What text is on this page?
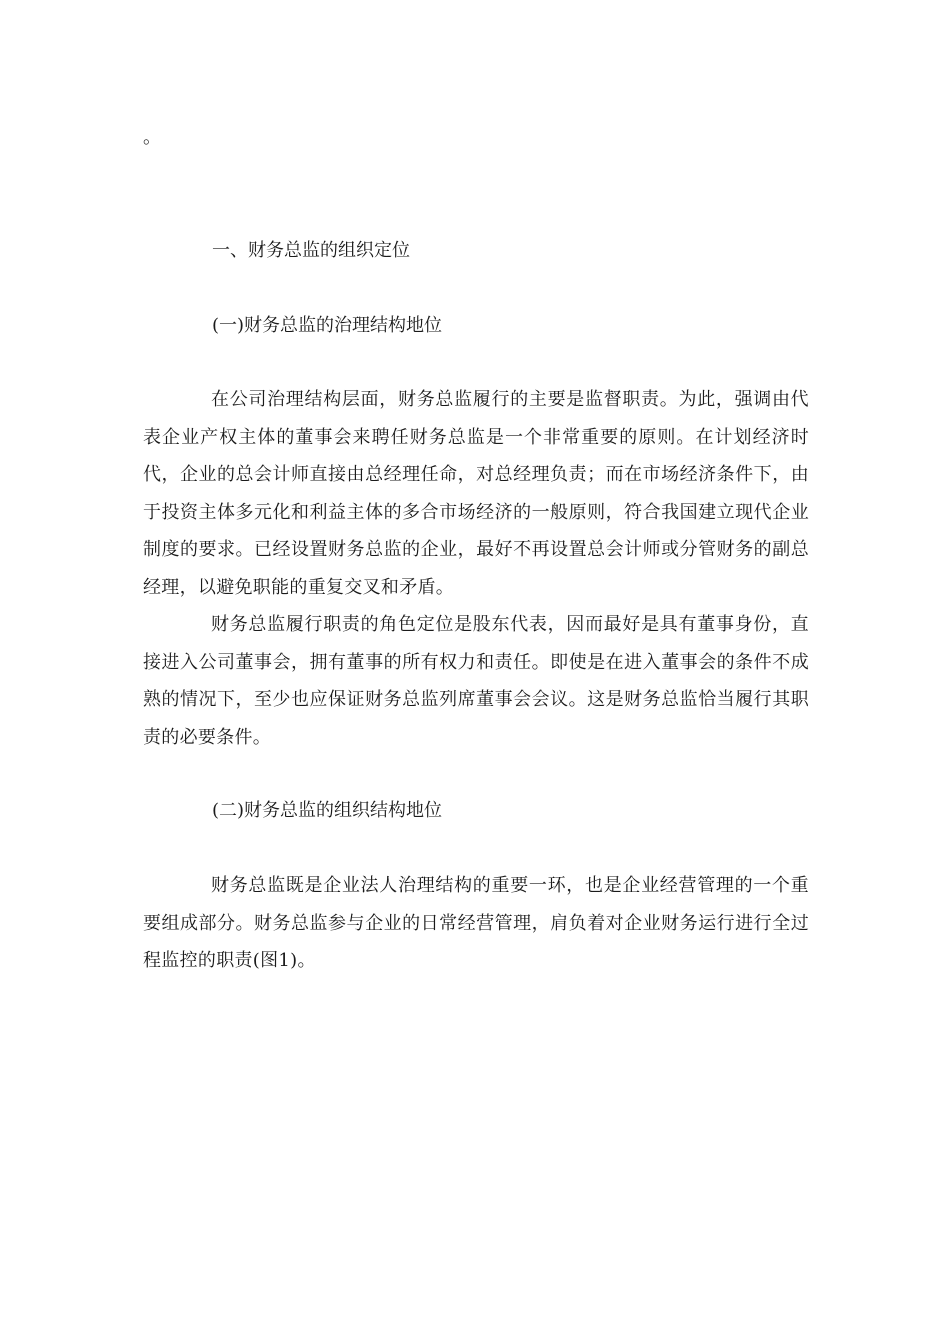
。
一、财务总监的组织定位
(一)财务总监的治理结构地位

在公司治理结构层面，财务总监履行的主要是监督职责。为此，强调由代表企业产权主体的董事会来聘任财务总监是一个非常重要的原则。在计划经济时代，企业的总会计师直接由总经理任命，对总经理负责；而在市场经济条件下，由于投资主体多元化和利益主体的多合市场经济的一般原则，符合我国建立现代企业制度的要求。已经设置财务总监的企业，最好不再设置总会计师或分管财务的副总经理，以避免职能的重复交叉和矛盾。

财务总监履行职责的角色定位是股东代表，因而最好是具有董事身份，直接进入公司董事会，拥有董事的所有权力和责任。即使是在进入董事会的条件不成熟的情况下，至少也应保证财务总监列席董事会会议。这是财务总监恰当履行其职责的必要条件。

(二)财务总监的组织结构地位

财务总监既是企业法人治理结构的重要一环，也是企业经营管理的一个重要组成部分。财务总监参与企业的日常经营管理，肩负着对企业财务运行进行全过程监控的职责(图1)。
